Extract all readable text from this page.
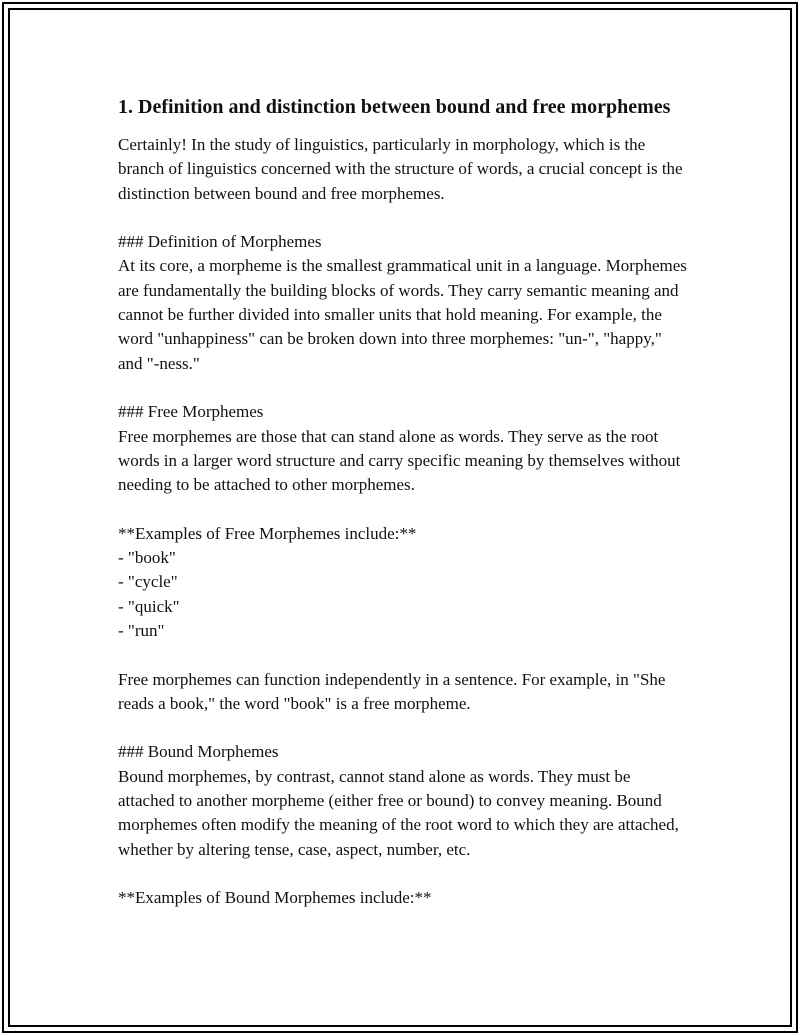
1. Definition and distinction between bound and free morphemes

Certainly! In the study of linguistics, particularly in morphology, which is the branch of linguistics concerned with the structure of words, a crucial concept is the distinction between bound and free morphemes.

### Definition of Morphemes
At its core, a morpheme is the smallest grammatical unit in a language. Morphemes are fundamentally the building blocks of words. They carry semantic meaning and cannot be further divided into smaller units that hold meaning. For example, the word "unhappiness" can be broken down into three morphemes: "un-", "happy," and "-ness."

### Free Morphemes
Free morphemes are those that can stand alone as words. They serve as the root words in a larger word structure and carry specific meaning by themselves without needing to be attached to other morphemes.

**Examples of Free Morphemes include:**
- "book"
- "cycle"
- "quick"
- "run"

Free morphemes can function independently in a sentence. For example, in "She reads a book," the word "book" is a free morpheme.

### Bound Morphemes
Bound morphemes, by contrast, cannot stand alone as words. They must be attached to another morpheme (either free or bound) to convey meaning. Bound morphemes often modify the meaning of the root word to which they are attached, whether by altering tense, case, aspect, number, etc.

**Examples of Bound Morphemes include:**
